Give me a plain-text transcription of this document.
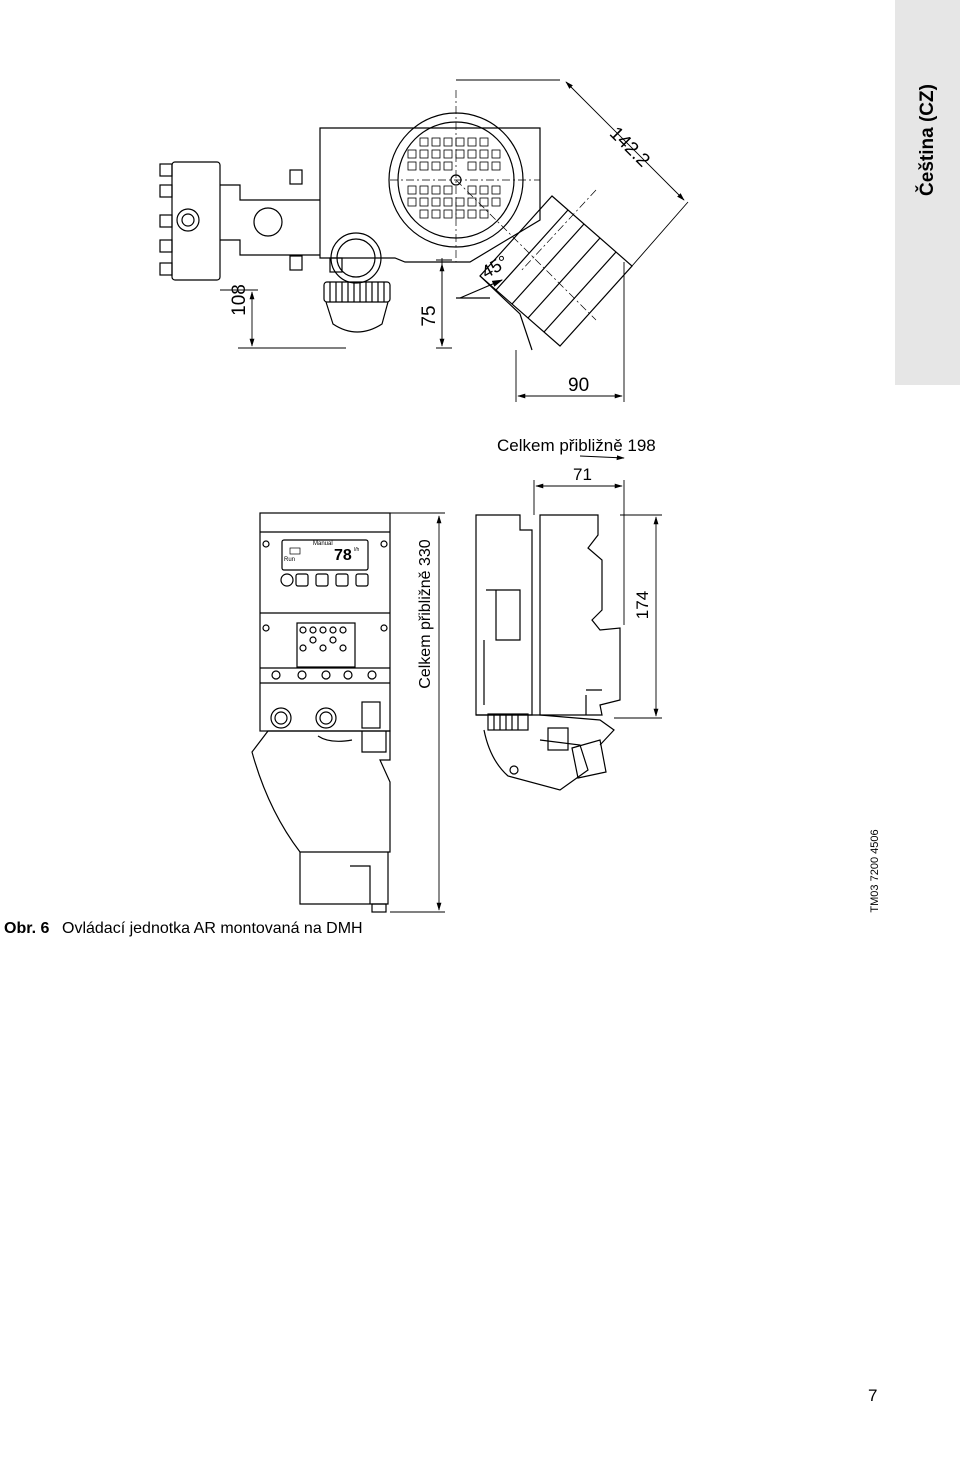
Čeština (CZ)
Manual
Run 78 l/h
108
75
90
142.2
45°
Celkem přibližně 198
71
Celkem přibližně 330	174
TM03 7200 4506
Obr. 6 Ovládací jednotka AR montovaná na DMH
7
